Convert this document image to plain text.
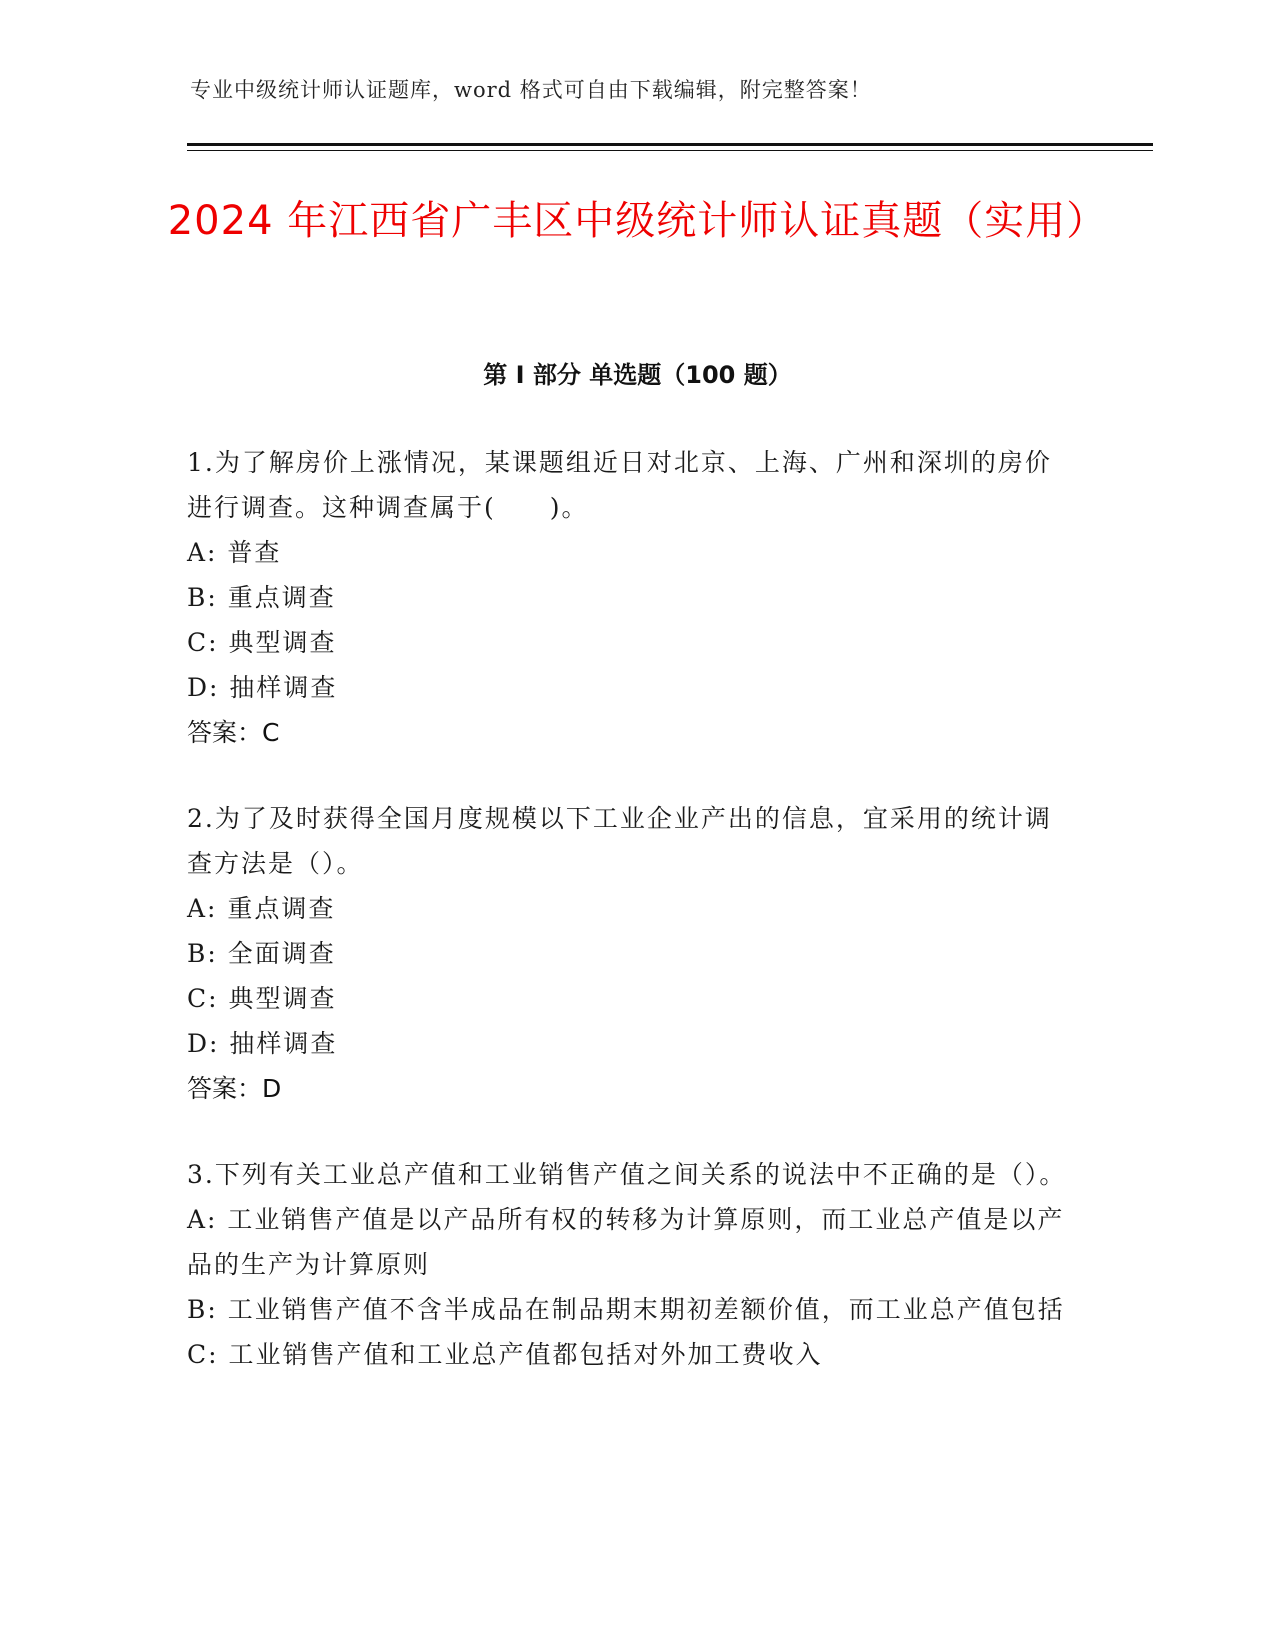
专业中级统计师认证题库，word 格式可自由下载编辑，附完整答案！
2024 年江西省广丰区中级统计师认证真题（实用）
第 I 部分 单选题（100 题）
1.为了解房价上涨情况，某课题组近日对北京、上海、广州和深圳的房价进行调查。这种调查属于(　　)。
A: 普查
B: 重点调查
C: 典型调查
D: 抽样调查
答案：C
2.为了及时获得全国月度规模以下工业企业产出的信息，宜采用的统计调查方法是（）。
A: 重点调查
B: 全面调查
C: 典型调查
D: 抽样调查
答案：D
3.下列有关工业总产值和工业销售产值之间关系的说法中不正确的是（）。
A: 工业销售产值是以产品所有权的转移为计算原则，而工业总产值是以产品的生产为计算原则
B: 工业销售产值不含半成品在制品期末期初差额价值，而工业总产值包括
C: 工业销售产值和工业总产值都包括对外加工费收入
